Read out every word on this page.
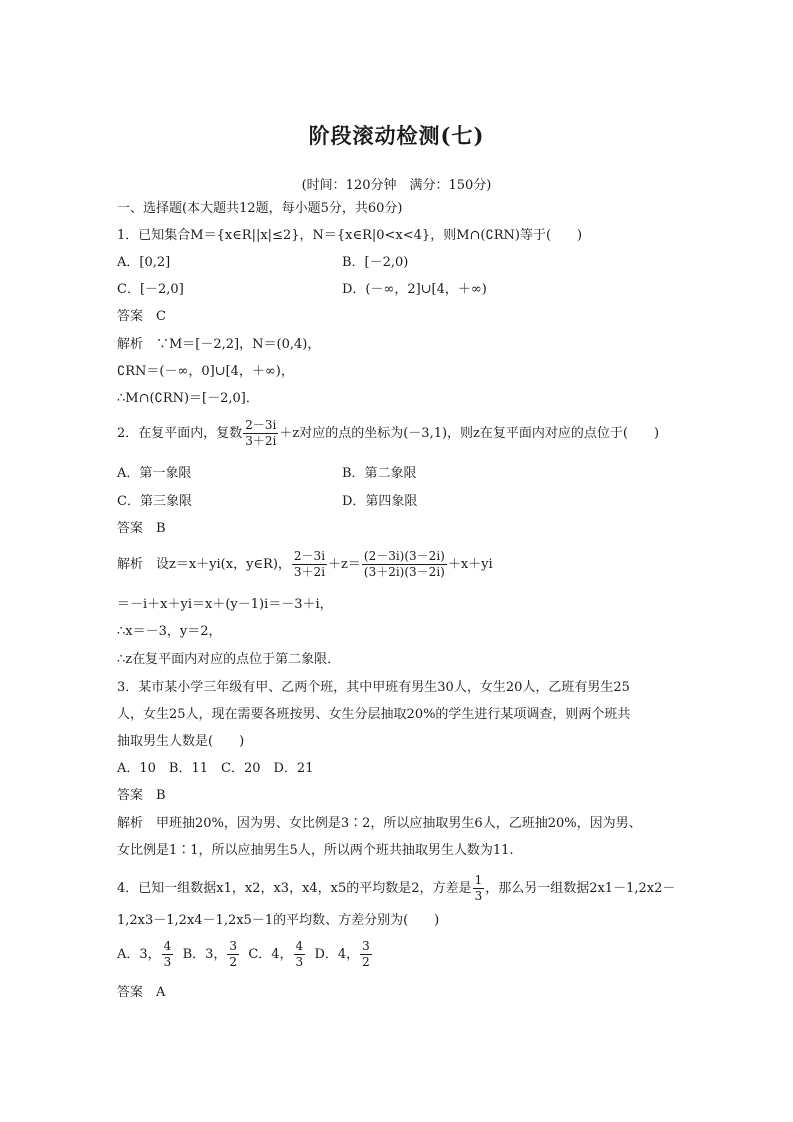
阶段滚动检测(七)
(时间：120分钟　满分：150分)
一、选择题(本大题共12题，每小题5分，共60分)
1．已知集合M＝{x∈R||x|≤2}，N＝{x∈R|0<x<4}，则M∩(∁RN)等于(　　)
A．[0,2]	B．[－2,0)
C．[－2,0]	D．(－∞，2]∪[4，＋∞)
答案　C
解析　∵M＝[－2,2]，N＝(0,4)，
∁RN＝(－∞，0]∪[4，＋∞)，
∴M∩(∁RN)＝[－2,0]．
2．在复平面内，复数 $\frac{2-3i}{3+2i} +z$对应的点的坐标为(－3,1)，则z在复平面内对应的点位于(　　)
A．第一象限	B．第二象限
C．第三象限	D．第四象限
答案　B
解析　设z＝x＋yi(x，y∈R)， $\frac{2-3i}{3+2i} +z= \frac{(2-3i)(3-2i)}{(3+2i)(3-2i)} +x+yi$
＝－i＋x＋yi＝x＋(y－1)i＝－3＋i，
∴x＝－3，y＝2，
∴z在复平面内对应的点位于第二象限．
3．某市某小学三年级有甲、乙两个班，其中甲班有男生30人，女生20人，乙班有男生25
人，女生25人，现在需要各班按男、女生分层抽取20%的学生进行某项调查，则两个班共
抽取男生人数是(　　)
A．10　B．11　C．20　D．21
答案　B
解析　甲班抽20%，因为男、女比例是3∶2，所以应抽取男生6人，乙班抽20%，因为男、
女比例是1∶1，所以应抽男生5人，所以两个班共抽取男生人数为11.
4．已知一组数据x1，x2，x3，x4，x5的平均数是2，方差是 $\frac{1}{3}$ ，那么另一组数据2x1－1,2x2－
1,2x3－1,2x4－1,2x5－1的平均数、方差分别为(　　)
A．3， $\frac{4}{3}$ B．3， $\frac{3}{2}$ C．4， $\frac{4}{3}$ D．4， $\frac{3}{2}$
答案　A
